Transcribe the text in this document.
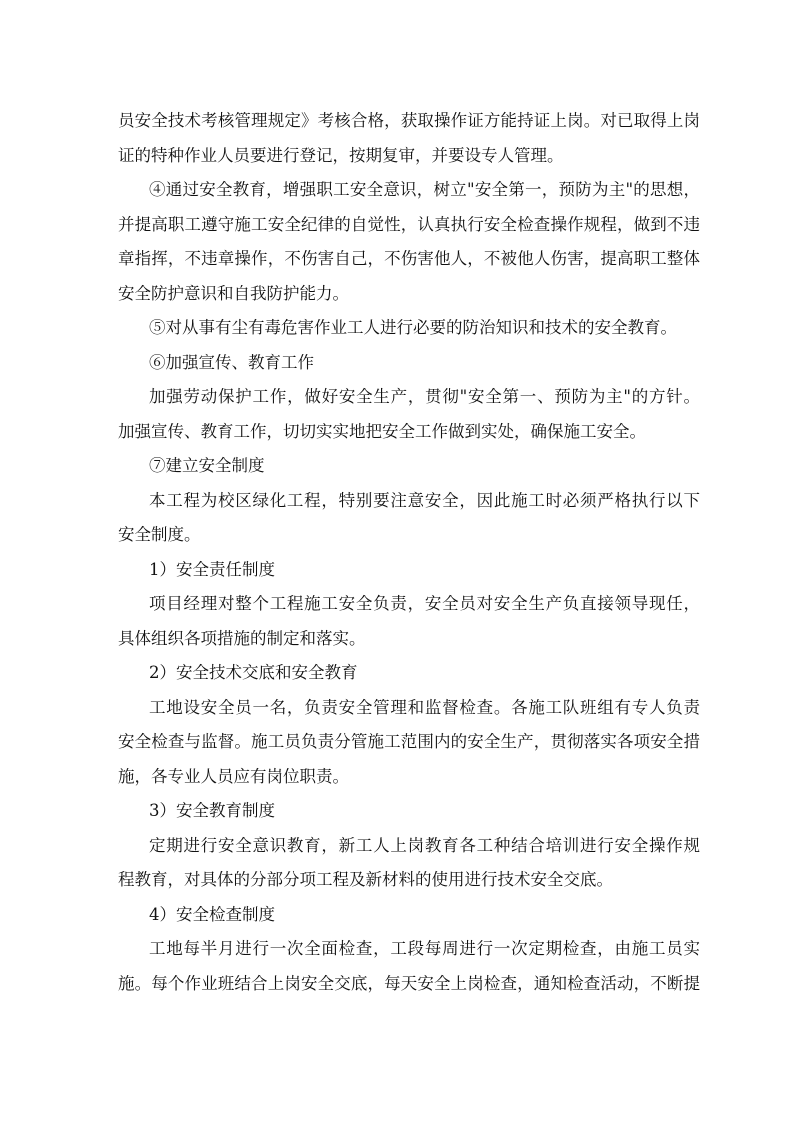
员安全技术考核管理规定》考核合格，获取操作证方能持证上岗。对已取得上岗
证的特种作业人员要进行登记，按期复审，并要设专人管理。
④通过安全教育，增强职工安全意识，树立"安全第一，预防为主"的思想，
并提高职工遵守施工安全纪律的自觉性，认真执行安全检查操作规程，做到不违
章指挥，不违章操作，不伤害自己，不伤害他人，不被他人伤害，提高职工整体
安全防护意识和自我防护能力。
⑤对从事有尘有毒危害作业工人进行必要的防治知识和技术的安全教育。
⑥加强宣传、教育工作
加强劳动保护工作，做好安全生产，贯彻"安全第一、预防为主"的方针。
加强宣传、教育工作，切切实实地把安全工作做到实处，确保施工安全。
⑦建立安全制度
本工程为校区绿化工程，特别要注意安全，因此施工时必须严格执行以下
安全制度。
1）安全责任制度
项目经理对整个工程施工安全负责，安全员对安全生产负直接领导现任，
具体组织各项措施的制定和落实。
2）安全技术交底和安全教育
工地设安全员一名，负责安全管理和监督检查。各施工队班组有专人负责
安全检查与监督。施工员负责分管施工范围内的安全生产，贯彻落实各项安全措
施，各专业人员应有岗位职责。
3）安全教育制度
定期进行安全意识教育，新工人上岗教育各工种结合培训进行安全操作规
程教育，对具体的分部分项工程及新材料的使用进行技术安全交底。
4）安全检查制度
工地每半月进行一次全面检查，工段每周进行一次定期检查，由施工员实
施。每个作业班结合上岗安全交底，每天安全上岗检查，通知检查活动，不断提
